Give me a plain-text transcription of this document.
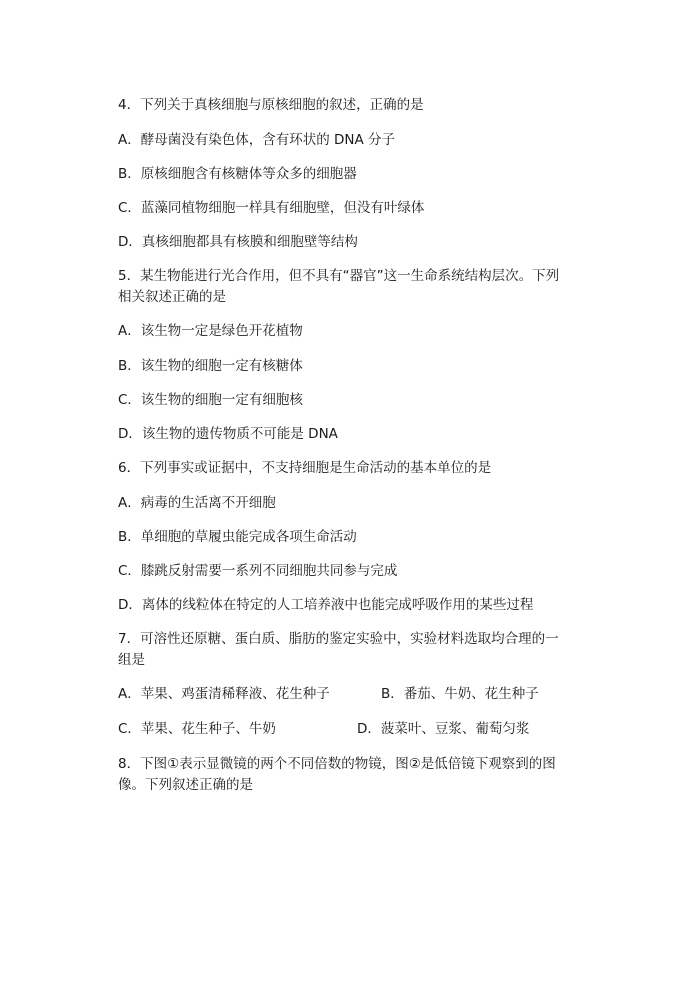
4．下列关于真核细胞与原核细胞的叙述，正确的是
A．酵母菌没有染色体，含有环状的 DNA 分子
B．原核细胞含有核糖体等众多的细胞器
C．蓝藻同植物细胞一样具有细胞壁，但没有叶绿体
D．真核细胞都具有核膜和细胞壁等结构
5．某生物能进行光合作用，但不具有“器官”这一生命系统结构层次。下列
相关叙述正确的是
A．该生物一定是绿色开花植物
B．该生物的细胞一定有核糖体
C．该生物的细胞一定有细胞核
D．该生物的遗传物质不可能是 DNA
6．下列事实或证据中，不支持细胞是生命活动的基本单位的是
A．病毒的生活离不开细胞
B．单细胞的草履虫能完成各项生命活动
C．膝跳反射需要一系列不同细胞共同参与完成
D．离体的线粒体在特定的人工培养液中也能完成呼吸作用的某些过程
7．可溶性还原糖、蛋白质、脂肪的鉴定实验中，实验材料选取均合理的一
组是
A．苹果、鸡蛋清稀释液、花生种子	B．番茄、牛奶、花生种子
C．苹果、花生种子、牛奶	D．菠菜叶、豆浆、葡萄匀浆
8．下图①表示显微镜的两个不同倍数的物镜，图②是低倍镜下观察到的图
像。下列叙述正确的是
